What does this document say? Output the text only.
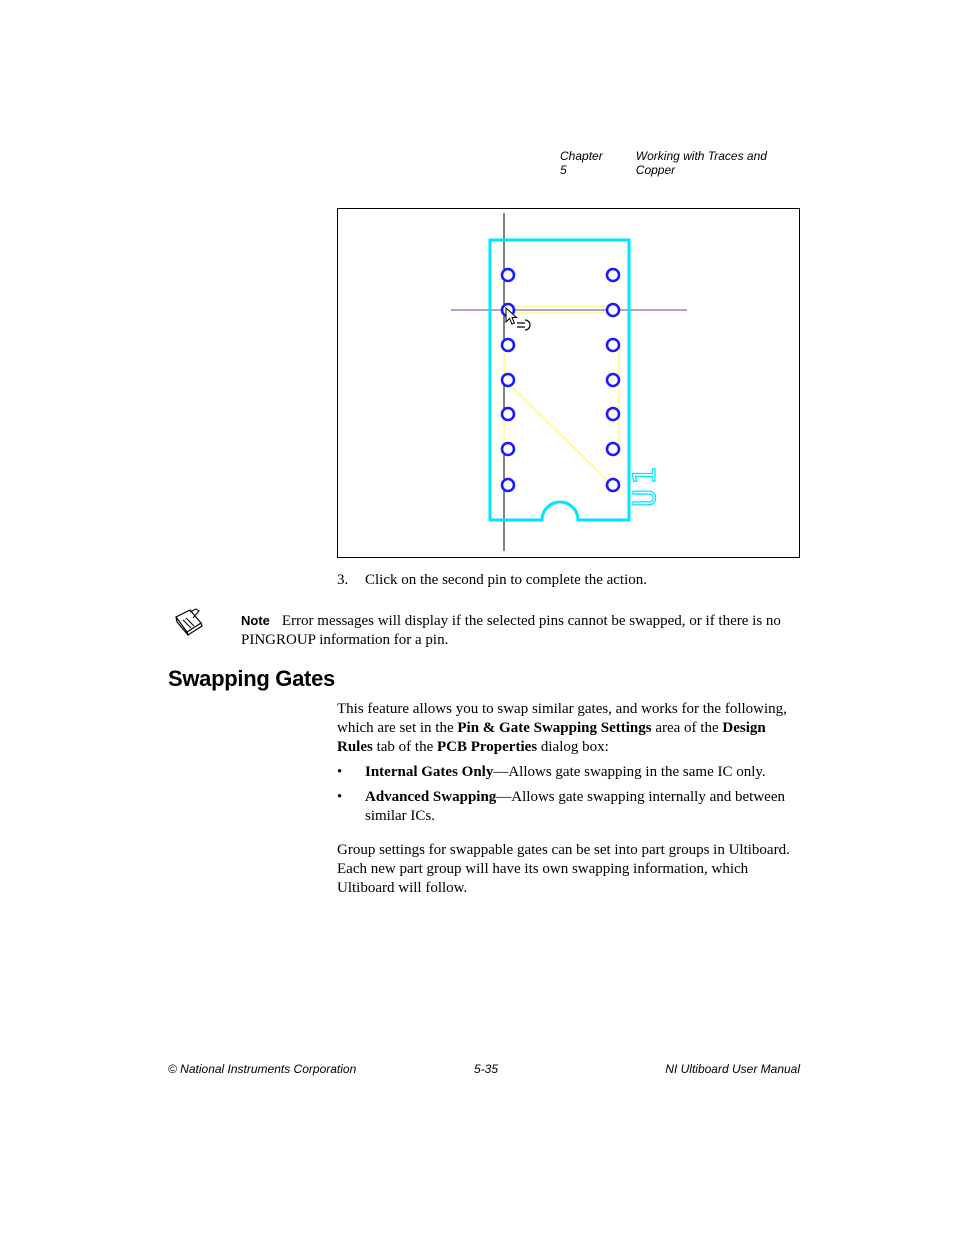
Chapter 5
Working with Traces and Copper
U1
3. Click on the second pin to complete the action.
Note Error messages will display if the selected pins cannot be swapped, or if there is no PINGROUP information for a pin.
Swapping Gates
This feature allows you to swap similar gates, and works for the following, which are set in the Pin & Gate Swapping Settings area of the Design Rules tab of the PCB Properties dialog box:
• Internal Gates Only—Allows gate swapping in the same IC only.
• Advanced Swapping—Allows gate swapping internally and between similar ICs.
Group settings for swappable gates can be set into part groups in Ultiboard. Each new part group will have its own swapping information, which Ultiboard will follow.
© National Instruments Corporation	5-35	NI Ultiboard User Manual
